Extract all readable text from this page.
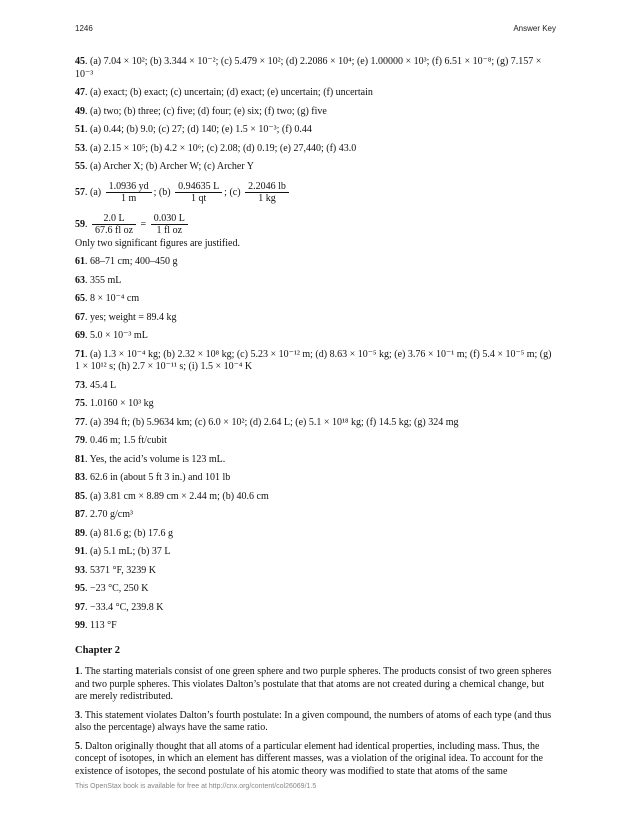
1246	Answer Key

45. (a) 7.04 × 10²; (b) 3.344 × 10⁻²; (c) 5.479 × 10²; (d) 2.2086 × 10⁴; (e) 1.00000 × 10³; (f) 6.51 × 10⁻⁸; (g) 7.157 × 10⁻³

47. (a) exact; (b) exact; (c) uncertain; (d) exact; (e) uncertain; (f) uncertain

49. (a) two; (b) three; (c) five; (d) four; (e) six; (f) two; (g) five

51. (a) 0.44; (b) 9.0; (c) 27; (d) 140; (e) 1.5 × 10⁻³; (f) 0.44

53. (a) 2.15 × 10⁵; (b) 4.2 × 10⁶; (c) 2.08; (d) 0.19; (e) 27,440; (f) 43.0

55. (a) Archer X; (b) Archer W; (c) Archer Y

57. $(a) \frac{1.0936 yd}{1 m}$ ; $(b) \frac{0.94635 L}{1 qt}$ ; $(c) \frac{2.2046 lb}{1 kg}$

59. $\frac{2.0 L}{\text{67.6 fl oz}} = \frac{0.030 L}{\text{1 fl oz}}$

Only two significant figures are justified.

61. 68–71 cm; 400–450 g

63. 355 mL

65. 8 × 10⁻⁴ cm

67. yes; weight = 89.4 kg

69. 5.0 × 10⁻³ mL

71. (a) 1.3 × 10⁻⁴ kg; (b) 2.32 × 10⁸ kg; (c) 5.23 × 10⁻¹² m; (d) 8.63 × 10⁻⁵ kg; (e) 3.76 × 10⁻¹ m; (f) 5.4 × 10⁻⁵ m; (g) 1 × 10¹² s; (h) 2.7 × 10⁻¹¹ s; (i) 1.5 × 10⁻⁴ K

73. 45.4 L

75. 1.0160 × 10³ kg

77. (a) 394 ft; (b) 5.9634 km; (c) 6.0 × 10²; (d) 2.64 L; (e) 5.1 × 10¹⁸ kg; (f) 14.5 kg; (g) 324 mg

79. 0.46 m; 1.5 ft/cubit

81. Yes, the acid’s volume is 123 mL.

83. 62.6 in (about 5 ft 3 in.) and 101 lb

85. (a) 3.81 cm × 8.89 cm × 2.44 m; (b) 40.6 cm

87. 2.70 g/cm³

89. (a) 81.6 g; (b) 17.6 g

91. (a) 5.1 mL; (b) 37 L

93. 5371 °F, 3239 K

95. −23 °C, 250 K

97. −33.4 °C, 239.8 K

99. 113 °F

Chapter 2

1. The starting materials consist of one green sphere and two purple spheres. The products consist of two green spheres and two purple spheres. This violates Dalton’s postulate that that atoms are not created during a chemical change, but are merely redistributed.

3. This statement violates Dalton’s fourth postulate: In a given compound, the numbers of atoms of each type (and thus also the percentage) always have the same ratio.

5. Dalton originally thought that all atoms of a particular element had identical properties, including mass. Thus, the concept of isotopes, in which an element has different masses, was a violation of the original idea. To account for the existence of isotopes, the second postulate of his atomic theory was modified to state that atoms of the same

This OpenStax book is available for free at http://cnx.org/content/col26069/1.5
